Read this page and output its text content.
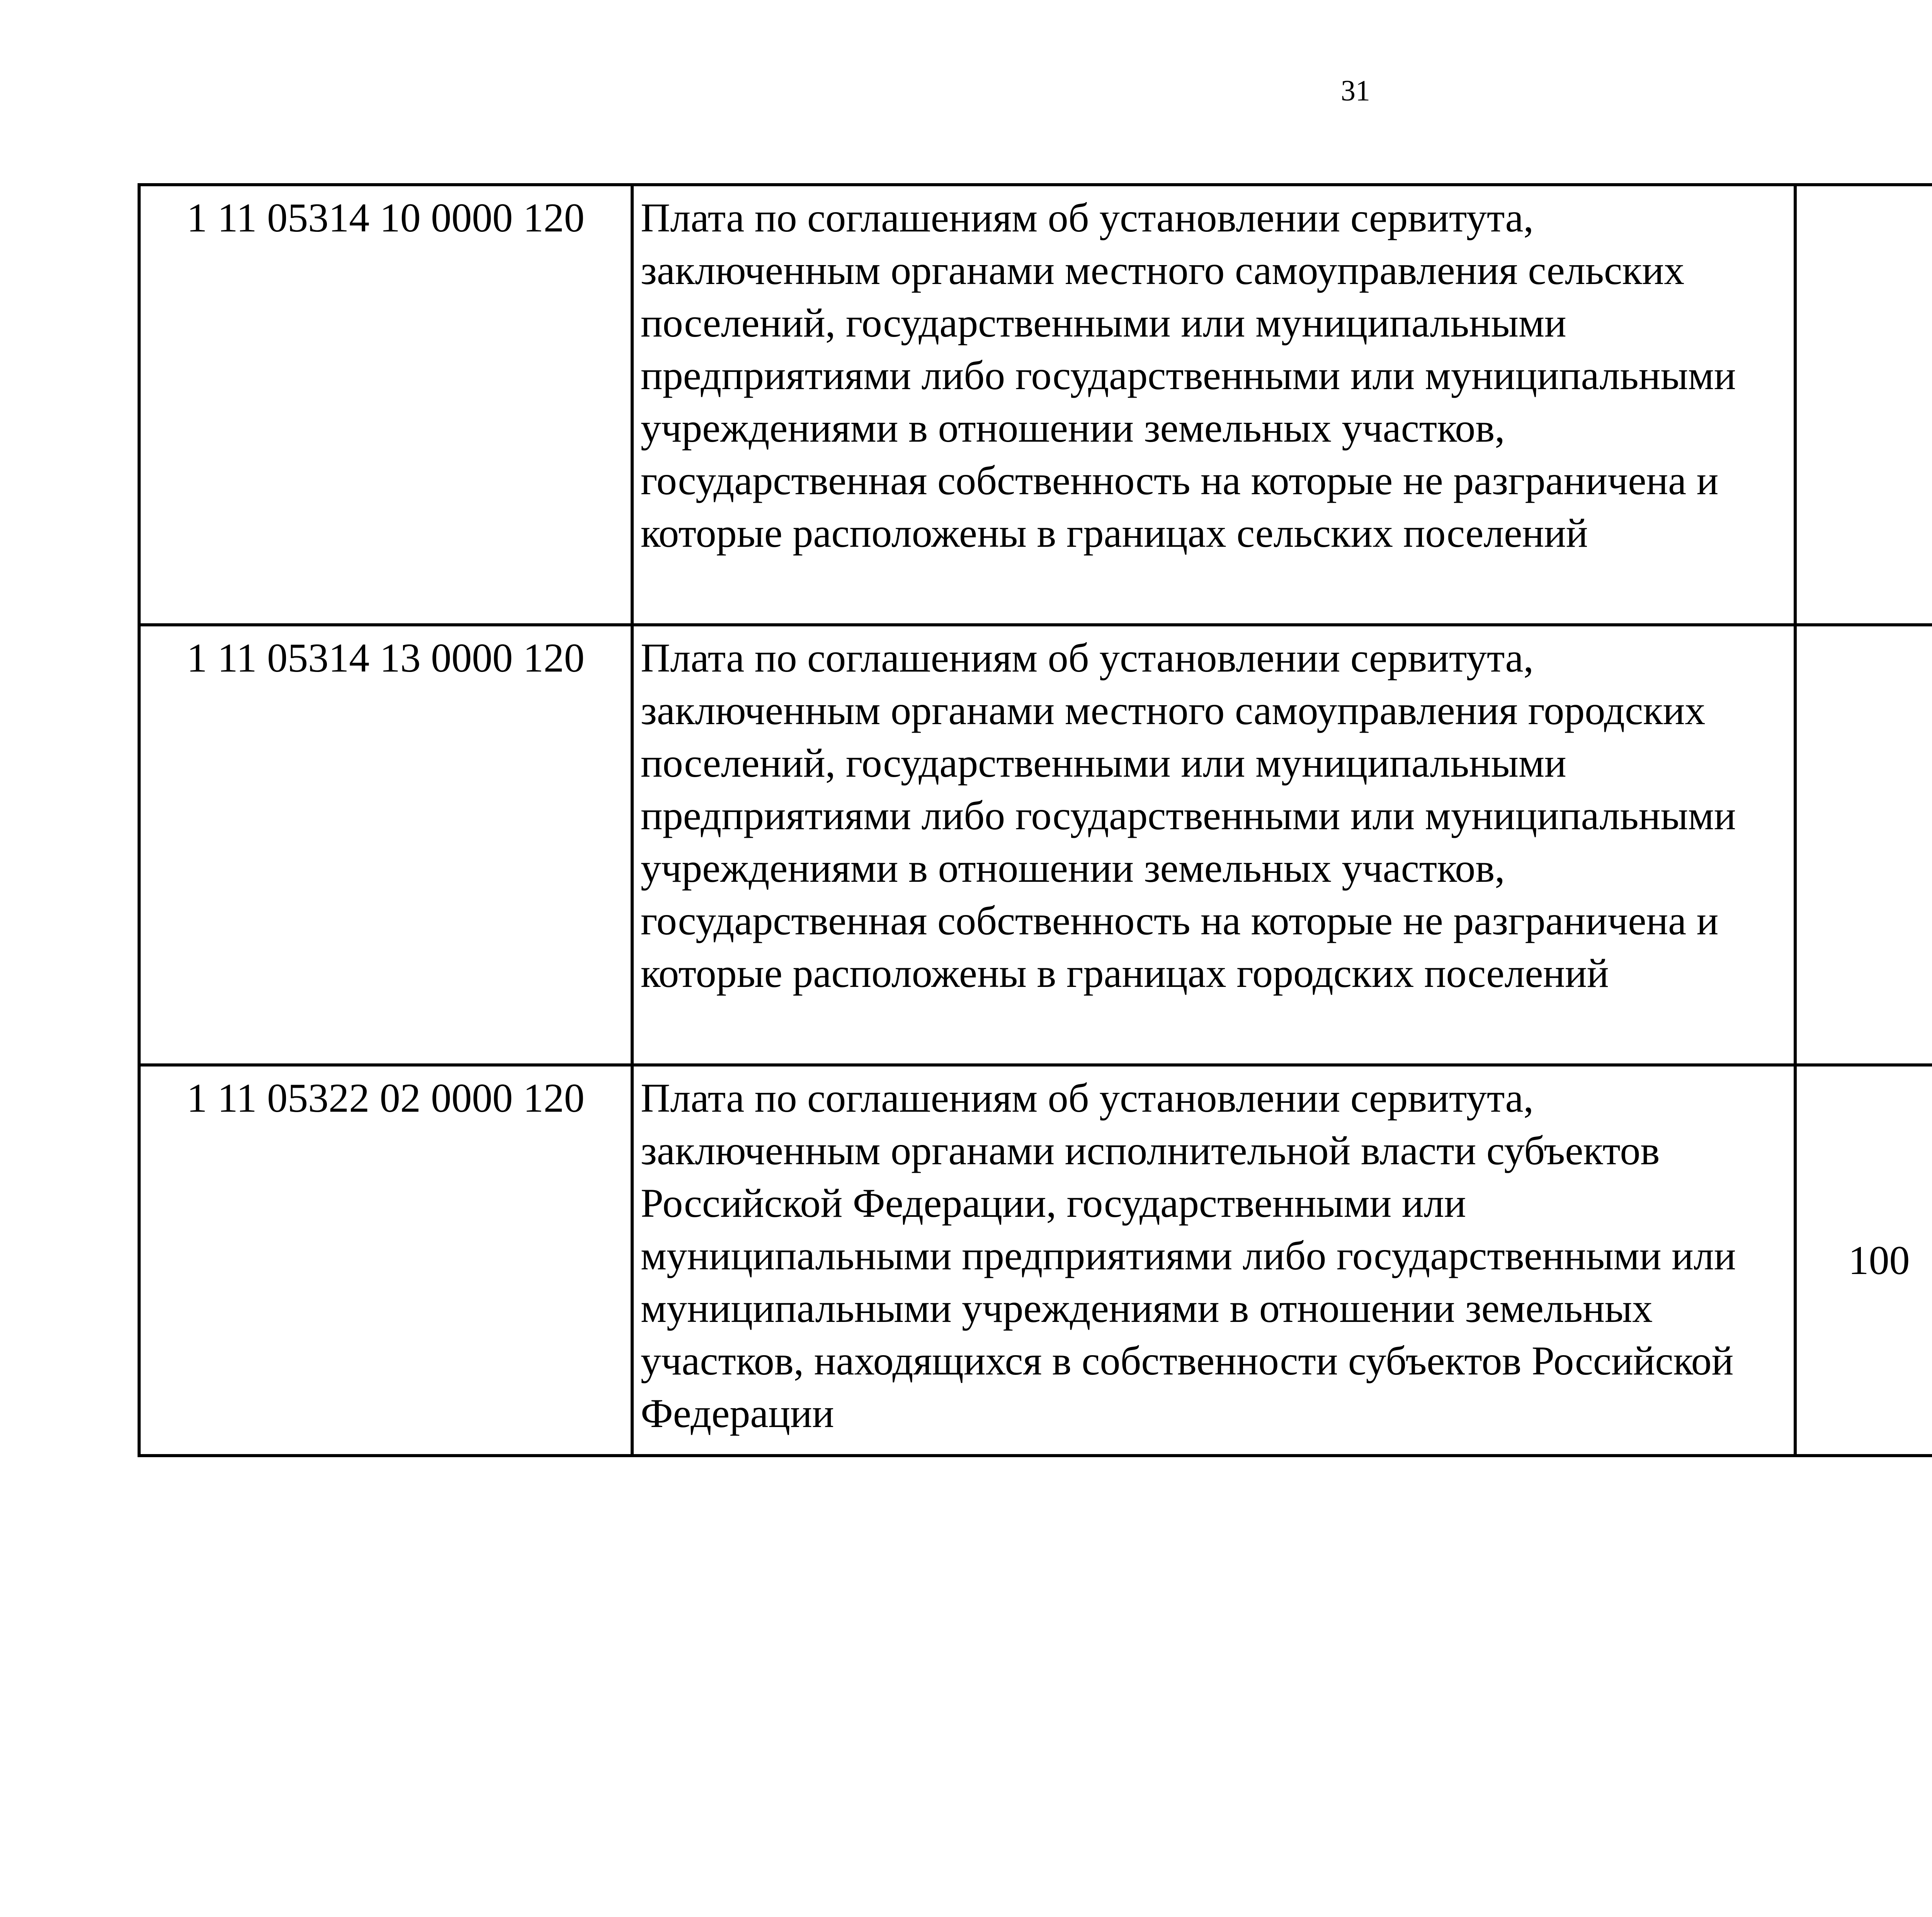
31
1 11 05314 10 0000 120	Плата по соглашениям об установлении сервитута, заключенным органами местного самоуправления сельских поселений, государственными или муниципальными предприятиями либо государственными или муниципальными учреждениями в отношении земельных участков, государственная собственность на которые не разграничена и которые расположены в границах сельских поселений					
1 11 05314 13 0000 120	Плата по соглашениям об установлении сервитута, заключенным органами местного самоуправления городских поселений, государственными или муниципальными предприятиями либо государственными или муниципальными учреждениями в отношении земельных участков, государственная собственность на которые не разграничена и которые расположены в границах городских поселений					
1 11 05322 02 0000 120	Плата по соглашениям об установлении сервитута, заключенным органами исполнительной власти субъектов Российской Федерации, государственными или муниципальными предприятиями либо государственными или муниципальными учреждениями в отношении земельных участков, находящихся в собственности субъектов Российской Федерации	100				
